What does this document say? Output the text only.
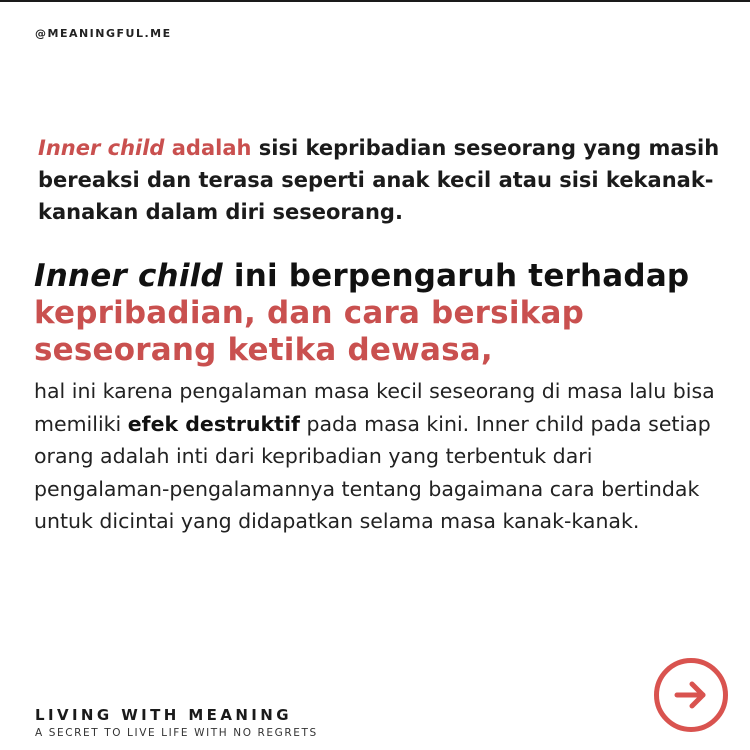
@MEANINGFUL.ME
Inner child adalah sisi kepribadian seseorang yang masih bereaksi dan terasa seperti anak kecil atau sisi kekanak-kanakan dalam diri seseorang.
Inner child ini berpengaruh terhadap
kepribadian, dan cara bersikap seseorang ketika dewasa,
hal ini karena pengalaman masa kecil seseorang di masa lalu bisa memiliki efek destruktif pada masa kini. Inner child pada setiap orang adalah inti dari kepribadian yang terbentuk dari pengalaman-pengalamannya tentang bagaimana cara bertindak untuk dicintai yang didapatkan selama masa kanak-kanak.
LIVING WITH MEANING
A SECRET TO LIVE LIFE WITH NO REGRETS
